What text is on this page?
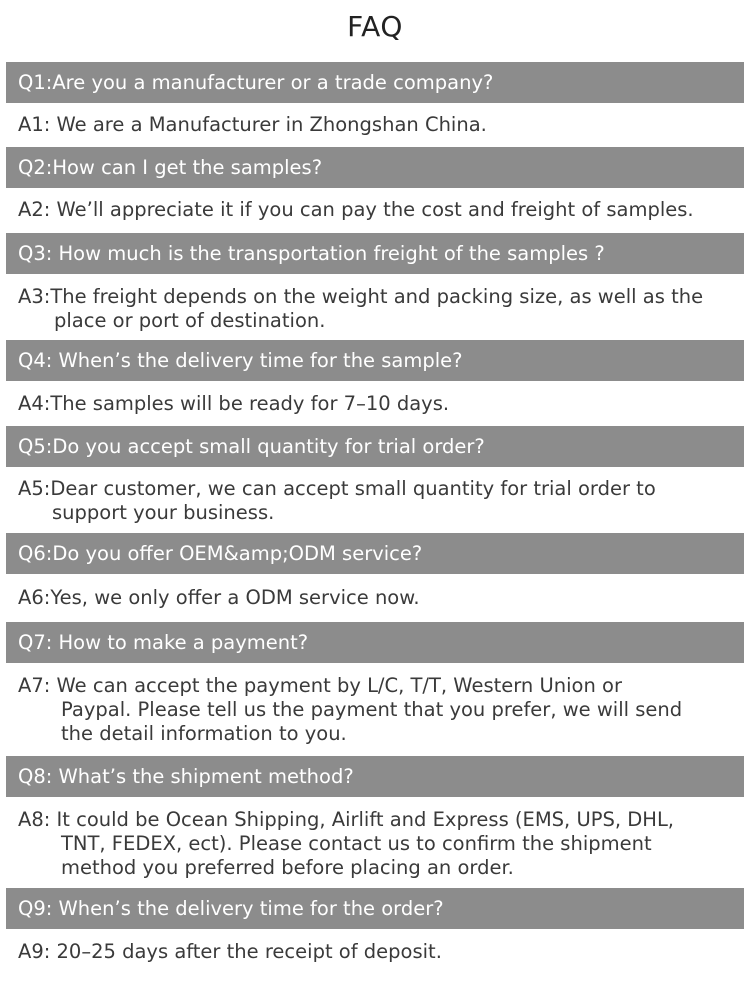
FAQ
Q1:Are you a manufacturer or a trade company?
A1: We are a Manufacturer in Zhongshan China.
Q2:How can I get the samples?
A2: We’ll appreciate it if you can pay the cost and freight of samples.
Q3: How much is the transportation freight of the samples ?
A3:The freight depends on the weight and packing size, as well as the
place or port of destination.
Q4: When’s the delivery time for the sample?
A4:The samples will be ready for 7–10 days.
Q5:Do you accept small quantity for trial order?
A5:Dear customer, we can accept small quantity for trial order to
support your business.
Q6:Do you offer OEM&amp;ODM service?
A6:Yes, we only offer a ODM service now.
Q7: How to make a payment?
A7: We can accept the payment by L/C, T/T, Western Union or
Paypal. Please tell us the payment that you prefer, we will send
the detail information to you.
Q8: What’s the shipment method?
A8: It could be Ocean Shipping, Airlift and Express (EMS, UPS, DHL,
TNT, FEDEX, ect). Please contact us to confirm the shipment
method you preferred before placing an order.
Q9: When’s the delivery time for the order?
A9: 20–25 days after the receipt of deposit.
